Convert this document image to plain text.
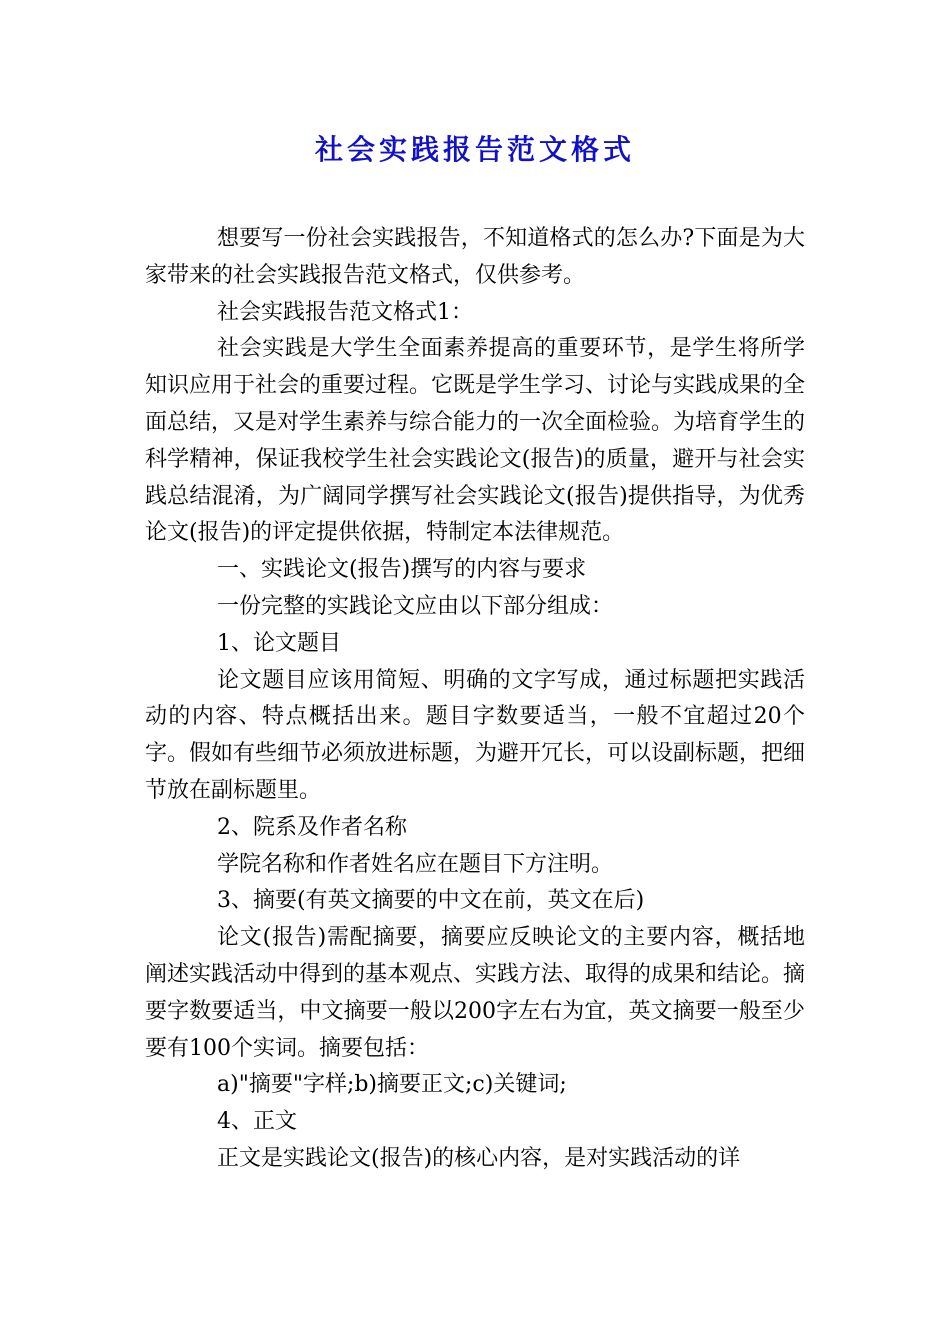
社会实践报告范文格式

想要写一份社会实践报告，不知道格式的怎么办?下面是为大家带来的社会实践报告范文格式，仅供参考。

社会实践报告范文格式1：

社会实践是大学生全面素养提高的重要环节，是学生将所学知识应用于社会的重要过程。它既是学生学习、讨论与实践成果的全面总结，又是对学生素养与综合能力的一次全面检验。为培育学生的科学精神，保证我校学生社会实践论文(报告)的质量，避开与社会实践总结混淆，为广阔同学撰写社会实践论文(报告)提供指导，为优秀论文(报告)的评定提供依据，特制定本法律规范。

一、实践论文(报告)撰写的内容与要求

一份完整的实践论文应由以下部分组成：

1、论文题目

论文题目应该用简短、明确的文字写成，通过标题把实践活动的内容、特点概括出来。题目字数要适当，一般不宜超过20个字。假如有些细节必须放进标题，为避开冗长，可以设副标题，把细节放在副标题里。

2、院系及作者名称

学院名称和作者姓名应在题目下方注明。

3、摘要(有英文摘要的中文在前，英文在后)

论文(报告)需配摘要，摘要应反映论文的主要内容，概括地阐述实践活动中得到的基本观点、实践方法、取得的成果和结论。摘要字数要适当，中文摘要一般以200字左右为宜，英文摘要一般至少要有100个实词。摘要包括：

a)"摘要"字样;b)摘要正文;c)关键词;

4、正文

正文是实践论文(报告)的核心内容，是对实践活动的详
